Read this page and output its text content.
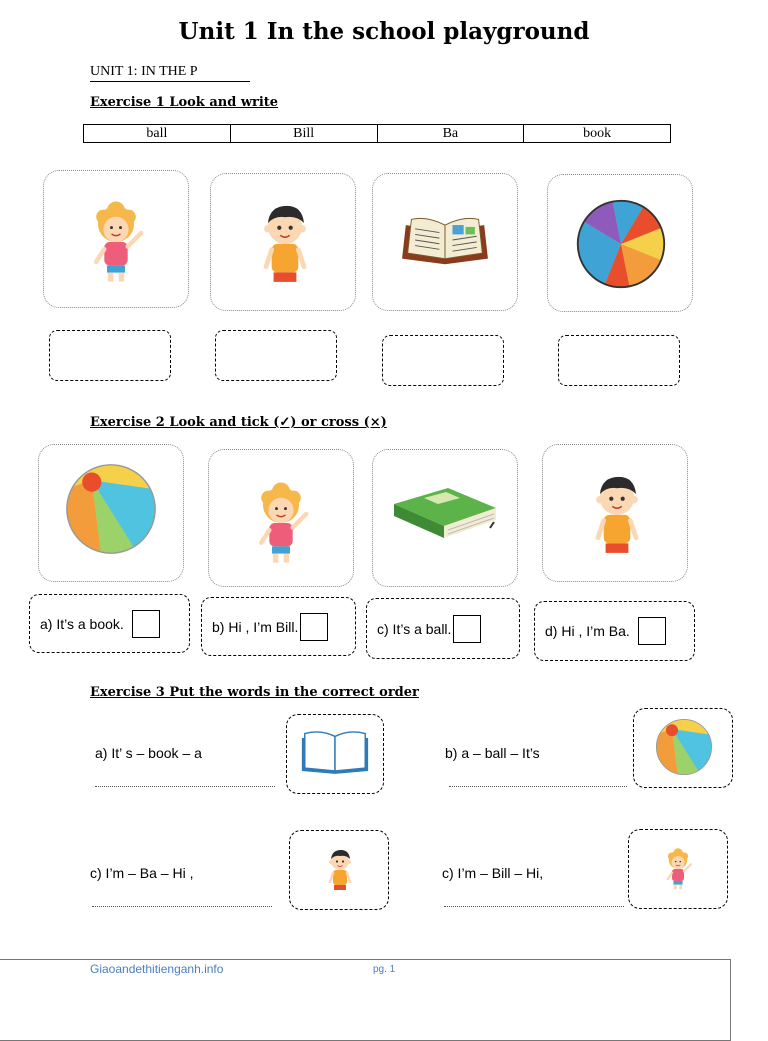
Unit 1 In the school playground
UNIT 1: IN THE P
Exercise 1 Look and write
ball	Bill	Ba	book
Exercise 2 Look and tick (✓) or cross (×)
a) It’s a book.	b) Hi , I’m Bill.	c) It’s a ball.	d) Hi , I’m Ba.
Exercise 3 Put the words in the correct order
a) It’ s – book – a	b) a – ball – It’s
c) I’m – Ba – Hi ,	c) I’m – Bill – Hi,
Giaoandethitienganh.info	pg. 1
